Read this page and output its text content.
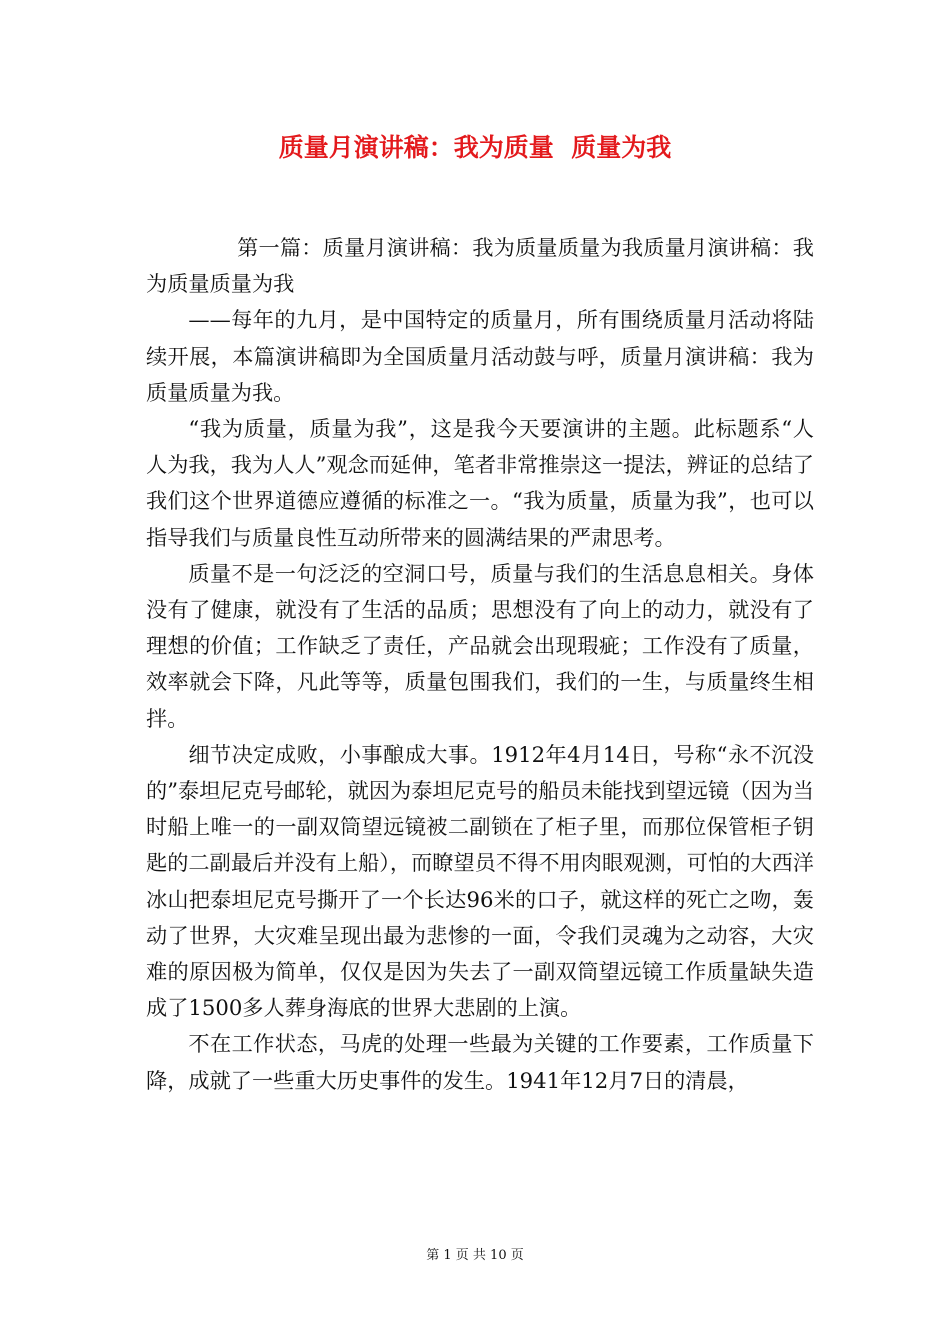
质量月演讲稿：我为质量  质量为我

第一篇：质量月演讲稿：我为质量质量为我质量月演讲稿：我为质量质量为我

——每年的九月，是中国特定的质量月，所有围绕质量月活动将陆续开展，本篇演讲稿即为全国质量月活动鼓与呼，质量月演讲稿：我为质量质量为我。

“我为质量，质量为我”，这是我今天要演讲的主题。此标题系“人人为我，我为人人”观念而延伸，笔者非常推崇这一提法，辨证的总结了我们这个世界道德应遵循的标准之一。“我为质量，质量为我”，也可以指导我们与质量良性互动所带来的圆满结果的严肃思考。

质量不是一句泛泛的空洞口号，质量与我们的生活息息相关。身体没有了健康，就没有了生活的品质；思想没有了向上的动力，就没有了理想的价值；工作缺乏了责任，产品就会出现瑕疵；工作没有了质量，效率就会下降，凡此等等，质量包围我们，我们的一生，与质量终生相拌。

细节决定成败，小事酿成大事。1912年4月14日，号称“永不沉没的”泰坦尼克号邮轮，就因为泰坦尼克号的船员未能找到望远镜（因为当时船上唯一的一副双筒望远镜被二副锁在了柜子里，而那位保管柜子钥匙的二副最后并没有上船），而瞭望员不得不用肉眼观测，可怕的大西洋冰山把泰坦尼克号撕开了一个长达96米的口子，就这样的死亡之吻，轰动了世界，大灾难呈现出最为悲惨的一面，令我们灵魂为之动容，大灾难的原因极为简单，仅仅是因为失去了一副双筒望远镜工作质量缺失造成了1500多人葬身海底的世界大悲剧的上演。

不在工作状态，马虎的处理一些最为关键的工作要素，工作质量下降，成就了一些重大历史事件的发生。1941年12月7日的清晨，

第 1 页 共 10 页
